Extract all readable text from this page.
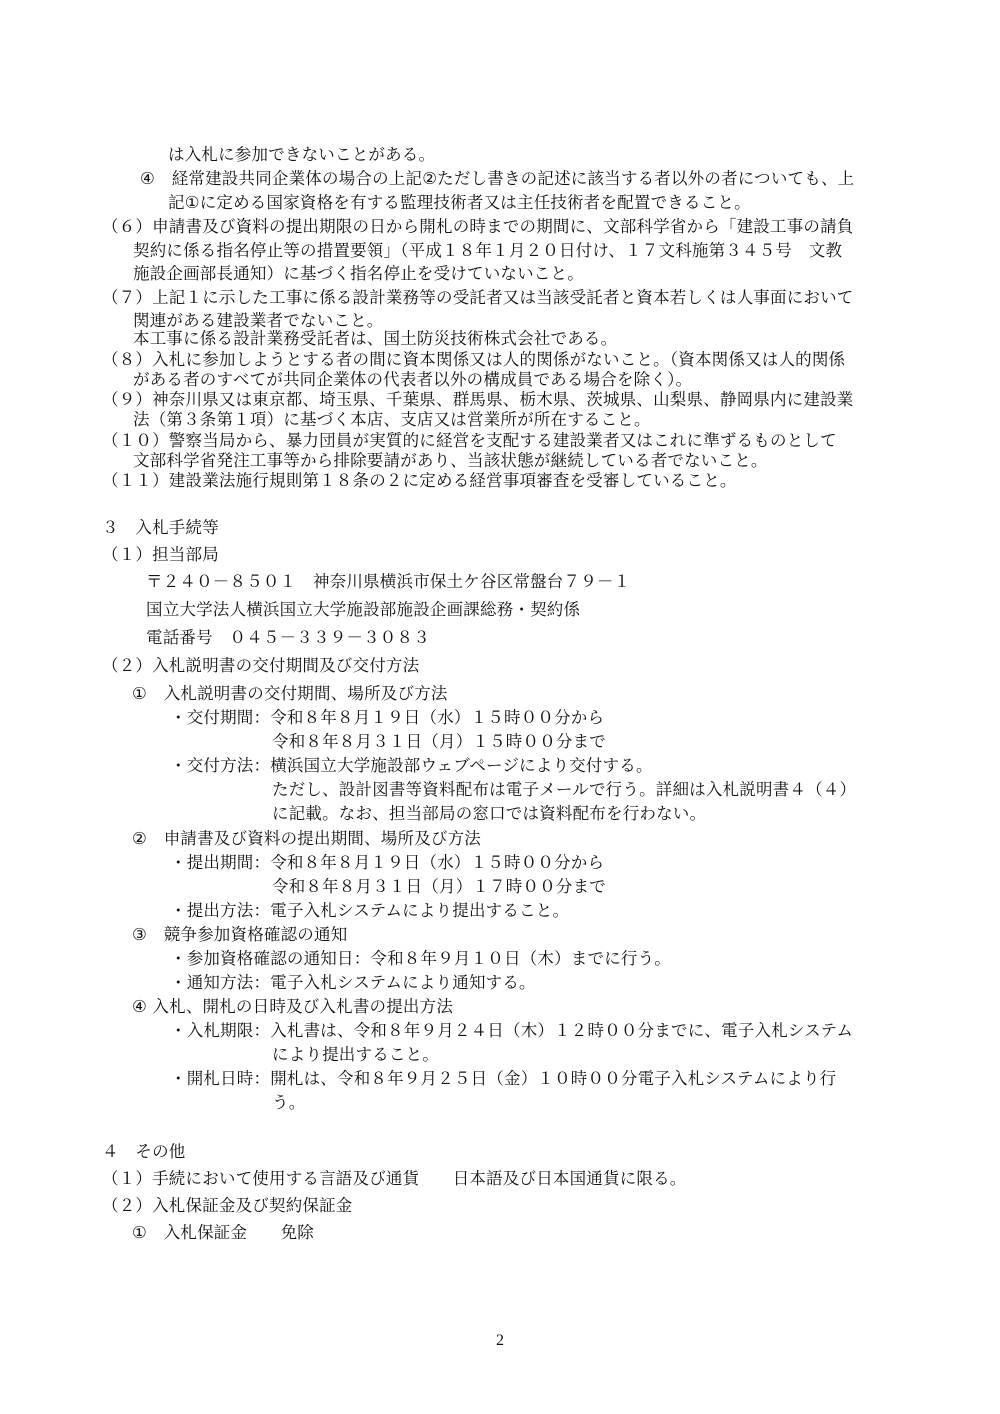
は入札に参加できないことがある。
④　経常建設共同企業体の場合の上記②ただし書きの記述に該当する者以外の者についても、上
記①に定める国家資格を有する監理技術者又は主任技術者を配置できること。
（６）申請書及び資料の提出期限の日から開札の時までの期間に、文部科学省から「建設工事の請負
契約に係る指名停止等の措置要領」（平成１８年１月２０日付け、１７文科施第３４５号　文教
施設企画部長通知）に基づく指名停止を受けていないこと。
（７）上記１に示した工事に係る設計業務等の受託者又は当該受託者と資本若しくは人事面において
関連がある建設業者でないこと。
本工事に係る設計業務受託者は、国土防災技術株式会社である。
（８）入札に参加しようとする者の間に資本関係又は人的関係がないこと。（資本関係又は人的関係
がある者のすべてが共同企業体の代表者以外の構成員である場合を除く）。
（９）神奈川県又は東京都、埼玉県、千葉県、群馬県、栃木県、茨城県、山梨県、静岡県内に建設業
法（第３条第１項）に基づく本店、支店又は営業所が所在すること。
（１０）警察当局から、暴力団員が実質的に経営を支配する建設業者又はこれに準ずるものとして
文部科学省発注工事等から排除要請があり、当該状態が継続している者でないこと。
（１１）建設業法施行規則第１８条の２に定める経営事項審査を受審していること。
３　入札手続等
（１）担当部局
〒２４０－８５０１　神奈川県横浜市保土ケ谷区常盤台７９－１
国立大学法人横浜国立大学施設部施設企画課総務・契約係
電話番号　０４５－３３９－３０８３
（２）入札説明書の交付期間及び交付方法
①　入札説明書の交付期間、場所及び方法
・交付期間：令和８年８月１９日（水）１５時００分から
令和８年８月３１日（月）１５時００分まで
・交付方法：横浜国立大学施設部ウェブページにより交付する。
ただし、設計図書等資料配布は電子メールで行う。詳細は入札説明書４（４）
に記載。なお、担当部局の窓口では資料配布を行わない。
②　申請書及び資料の提出期間、場所及び方法
・提出期間：令和８年８月１９日（水）１５時００分から
令和８年８月３１日（月）１７時００分まで
・提出方法：電子入札システムにより提出すること。
③　競争参加資格確認の通知
・参加資格確認の通知日：令和８年９月１０日（木）までに行う。
・通知方法：電子入札システムにより通知する。
④ 入札、開札の日時及び入札書の提出方法
・入札期限：入札書は、令和８年９月２４日（木）１２時００分までに、電子入札システム
により提出すること。
・開札日時：開札は、令和８年９月２５日（金）１０時００分電子入札システムにより行
う。
４　その他
（１）手続において使用する言語及び通貨　　日本語及び日本国通貨に限る。
（２）入札保証金及び契約保証金
①　入札保証金　　免除
2
